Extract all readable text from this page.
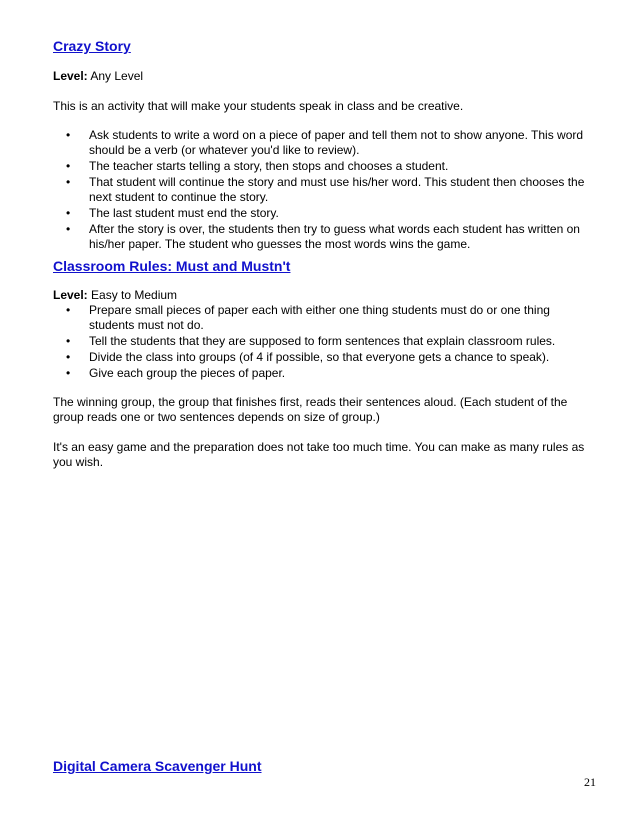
Crazy Story
Level: Any Level

This is an activity that will make your students speak in class and be creative.

• Ask students to write a word on a piece of paper and tell them not to show anyone. This word should be a verb (or whatever you'd like to review).
• The teacher starts telling a story, then stops and chooses a student.
• That student will continue the story and must use his/her word. This student then chooses the next student to continue the story.
• The last student must end the story.
• After the story is over, the students then try to guess what words each student has written on his/her paper. The student who guesses the most words wins the game.
Classroom Rules: Must and Mustn't
Level: Easy to Medium
• Prepare small pieces of paper each with either one thing students must do or one thing students must not do.
• Tell the students that they are supposed to form sentences that explain classroom rules.
• Divide the class into groups (of 4 if possible, so that everyone gets a chance to speak).
• Give each group the pieces of paper.

The winning group, the group that finishes first, reads their sentences aloud. (Each student of the group reads one or two sentences depends on size of group.)

It's an easy game and the preparation does not take too much time. You can make as many rules as you wish.

Digital Camera Scavenger Hunt
21
